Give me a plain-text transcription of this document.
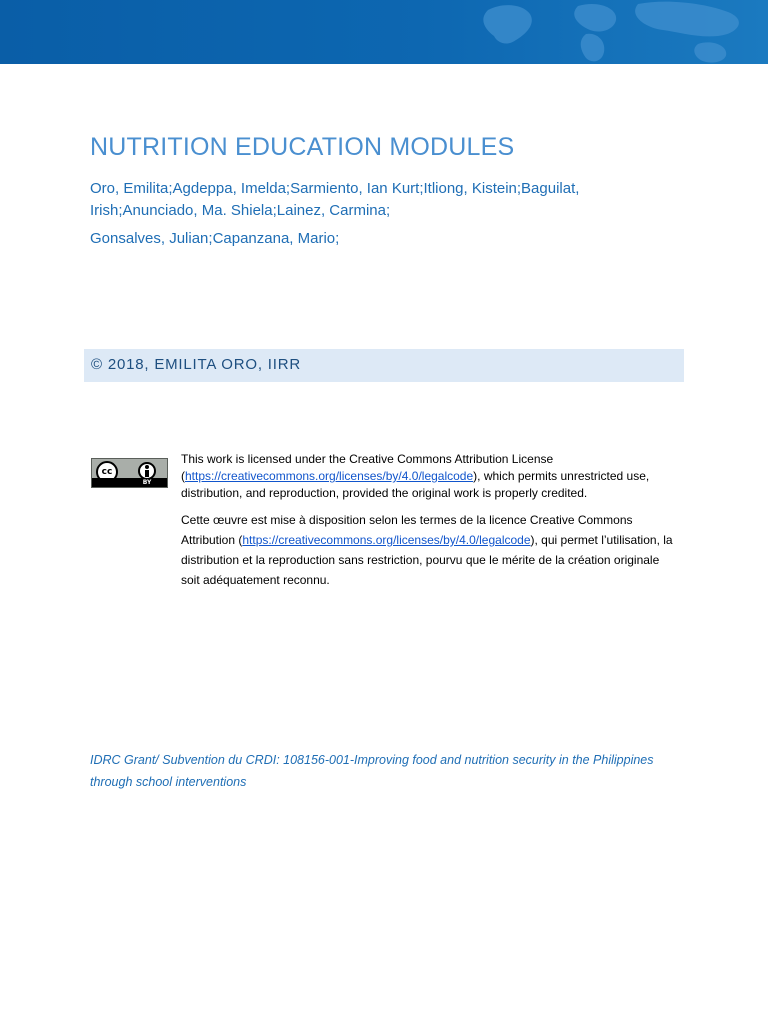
NUTRITION EDUCATION MODULES
Oro, Emilita;Agdeppa, Imelda;Sarmiento, Ian Kurt;Itliong, Kistein;Baguilat, Irish;Anunciado, Ma. Shiela;Lainez, Carmina;
Gonsalves, Julian;Capanzana, Mario;
© 2018, EMILITA ORO, IIRR
cc
BY
This work is licensed under the Creative Commons Attribution License (https://creativecommons.org/licenses/by/4.0/legalcode), which permits unrestricted use, distribution, and reproduction, provided the original work is properly credited.
Cette œuvre est mise à disposition selon les termes de la licence Creative Commons Attribution (https://creativecommons.org/licenses/by/4.0/legalcode), qui permet l’utilisation, la distribution et la reproduction sans restriction, pourvu que le mérite de la création originale soit adéquatement reconnu.
IDRC Grant/ Subvention du CRDI: 108156-001-Improving food and nutrition security in the Philippines through school interventions
